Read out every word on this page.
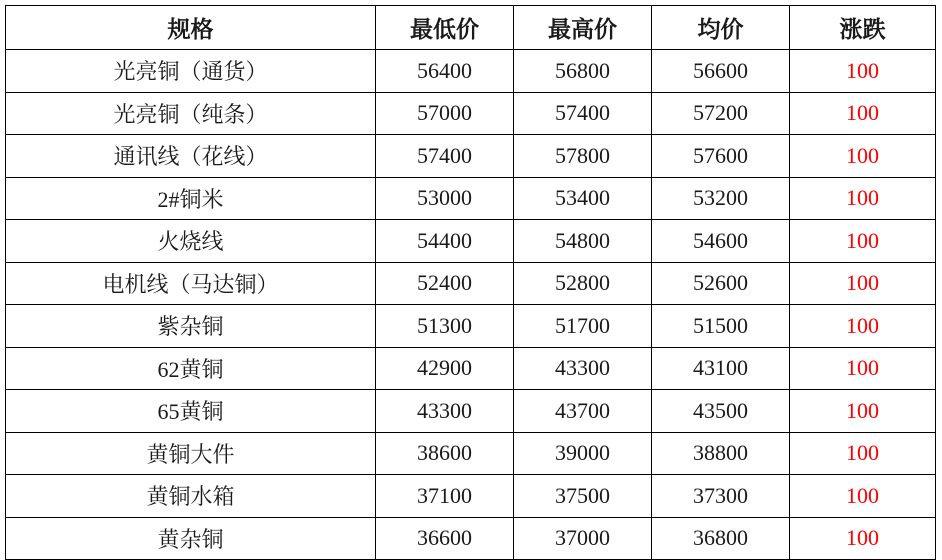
规格	最低价	最高价	均价	涨跌
光亮铜（通货）	56400	56800	56600	100
光亮铜（纯条）	57000	57400	57200	100
通讯线（花线）	57400	57800	57600	100
2#铜米	53000	53400	53200	100
火烧线	54400	54800	54600	100
电机线（马达铜）	52400	52800	52600	100
紫杂铜	51300	51700	51500	100
62黄铜	42900	43300	43100	100
65黄铜	43300	43700	43500	100
黄铜大件	38600	39000	38800	100
黄铜水箱	37100	37500	37300	100
黄杂铜	36600	37000	36800	100
